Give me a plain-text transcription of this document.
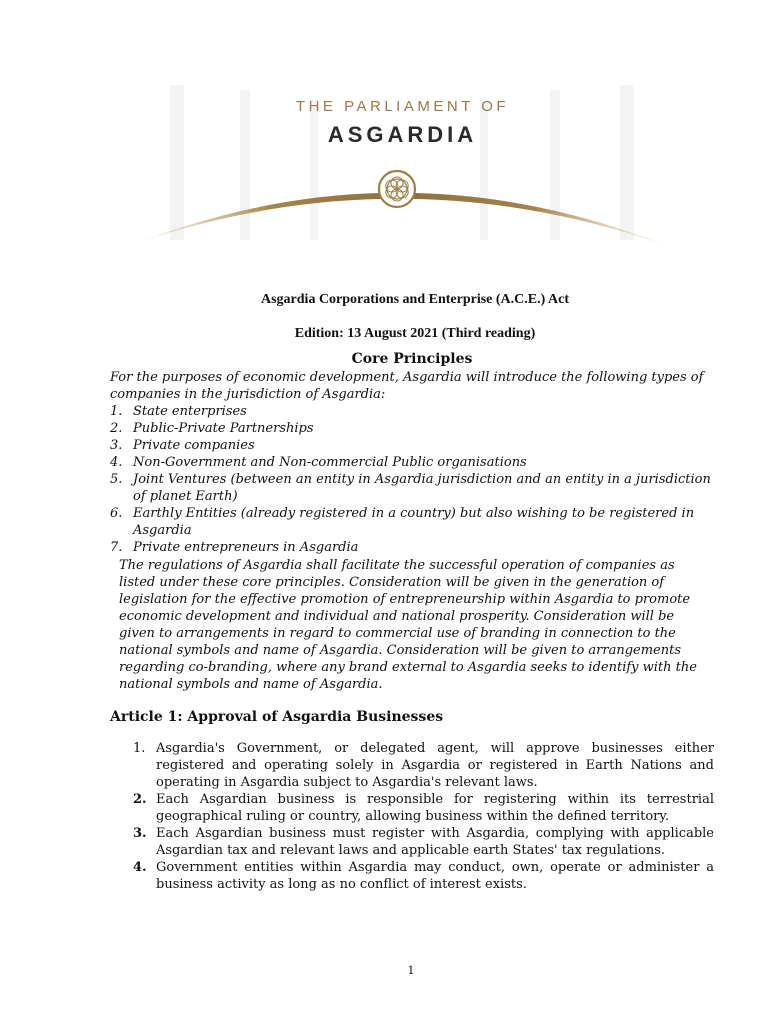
THE PARLIAMENT OF
ASGARDIA
Asgardia Corporations and Enterprise (A.C.E.) Act
Edition: 13 August 2021 (Third reading)
Core Principles
For the purposes of economic development, Asgardia will introduce the following types of companies in the jurisdiction of Asgardia:
1. State enterprises
2. Public-Private Partnerships
3. Private companies
4. Non-Government and Non-commercial Public organisations
5. Joint Ventures (between an entity in Asgardia jurisdiction and an entity in a jurisdiction of planet Earth)
6. Earthly Entities (already registered in a country) but also wishing to be registered in Asgardia
7. Private entrepreneurs in Asgardia
The regulations of Asgardia shall facilitate the successful operation of companies as listed under these core principles. Consideration will be given in the generation of legislation for the effective promotion of entrepreneurship within Asgardia to promote economic development and individual and national prosperity. Consideration will be given to arrangements in regard to commercial use of branding in connection to the national symbols and name of Asgardia. Consideration will be given to arrangements regarding co-branding, where any brand external to Asgardia seeks to identify with the national symbols and name of Asgardia.
Article 1: Approval of Asgardia Businesses
1. Asgardia's Government, or delegated agent, will approve businesses either registered and operating solely in Asgardia or registered in Earth Nations and operating in Asgardia subject to Asgardia's relevant laws.
2. Each Asgardian business is responsible for registering within its terrestrial geographical ruling or country, allowing business within the defined territory.
3. Each Asgardian business must register with Asgardia, complying with applicable Asgardian tax and relevant laws and applicable earth States' tax regulations.
4. Government entities within Asgardia may conduct, own, operate or administer a business activity as long as no conflict of interest exists.
1
